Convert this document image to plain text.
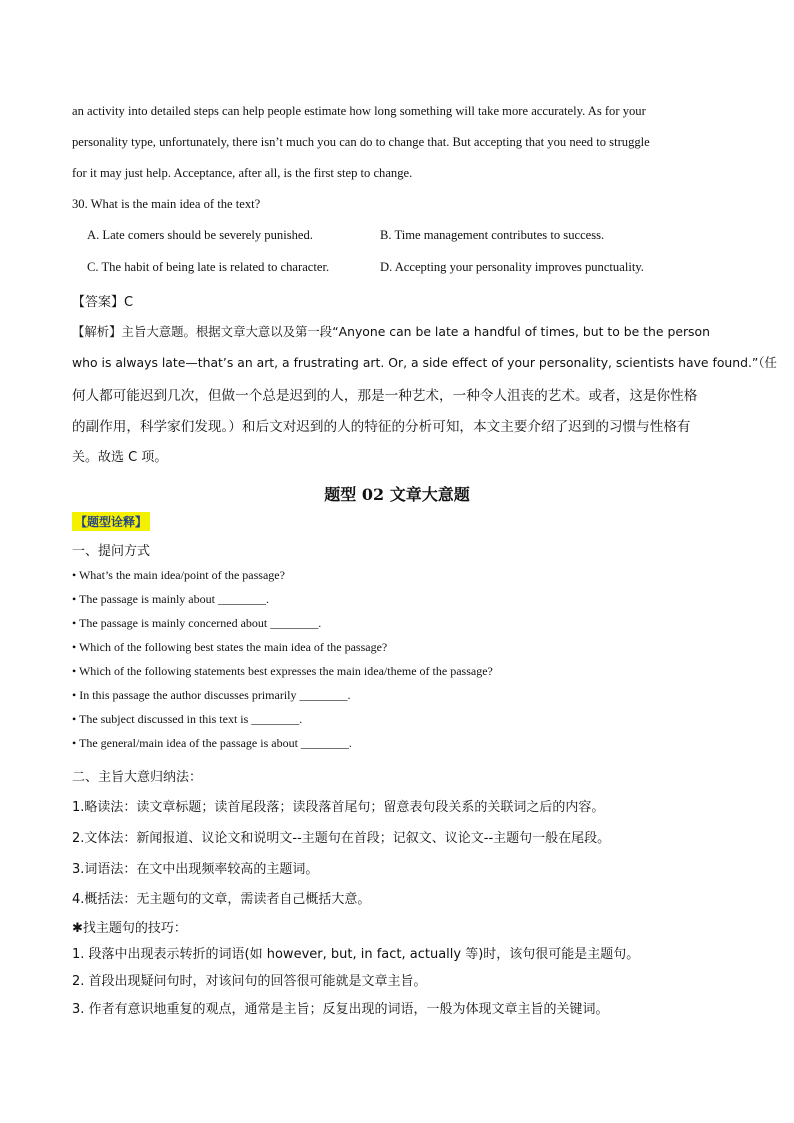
an activity into detailed steps can help people estimate how long something will take more accurately. As for your
personality type, unfortunately, there isn’t much you can do to change that. But accepting that you need to struggle
for it may just help. Acceptance, after all, is the first step to change.
30. What is the main idea of the text?
A. Late comers should be severely punished.	B. Time management contributes to success.
C. The habit of being late is related to character.	D. Accepting your personality improves punctuality.
【答案】C
【解析】主旨大意题。根据文章大意以及第一段“Anyone can be late a handful of times, but to be the person
who is always late—that’s an art, a frustrating art. Or, a side effect of your personality, scientists have found.”（任
何人都可能迟到几次，但做一个总是迟到的人，那是一种艺术，一种令人沮丧的艺术。或者，这是你性格
的副作用，科学家们发现。）和后文对迟到的人的特征的分析可知，本文主要介绍了迟到的习惯与性格有
关。故选 C 项。
题型 02 文章大意题
【题型诠释】
一、提问方式
• What’s the main idea/point of the passage?
• The passage is mainly about ________.
• The passage is mainly concerned about ________.
• Which of the following best states the main idea of the passage?
• Which of the following statements best expresses the main idea/theme of the passage?
• In this passage the author discusses primarily ________.
• The subject discussed in this text is ________.
• The general/main idea of the passage is about ________.
二、主旨大意归纳法：
1.略读法：读文章标题；读首尾段落；读段落首尾句；留意表句段关系的关联词之后的内容。
2.文体法：新闻报道、议论文和说明文--主题句在首段；记叙文、议论文--主题句一般在尾段。
3.词语法：在文中出现频率较高的主题词。
4.概括法：无主题句的文章，需读者自己概括大意。
✱找主题句的技巧：
1. 段落中出现表示转折的词语(如 however, but, in fact, actually 等)时，该句很可能是主题句。
2. 首段出现疑问句时，对该问句的回答很可能就是文章主旨。
3. 作者有意识地重复的观点，通常是主旨；反复出现的词语，一般为体现文章主旨的关键词。
